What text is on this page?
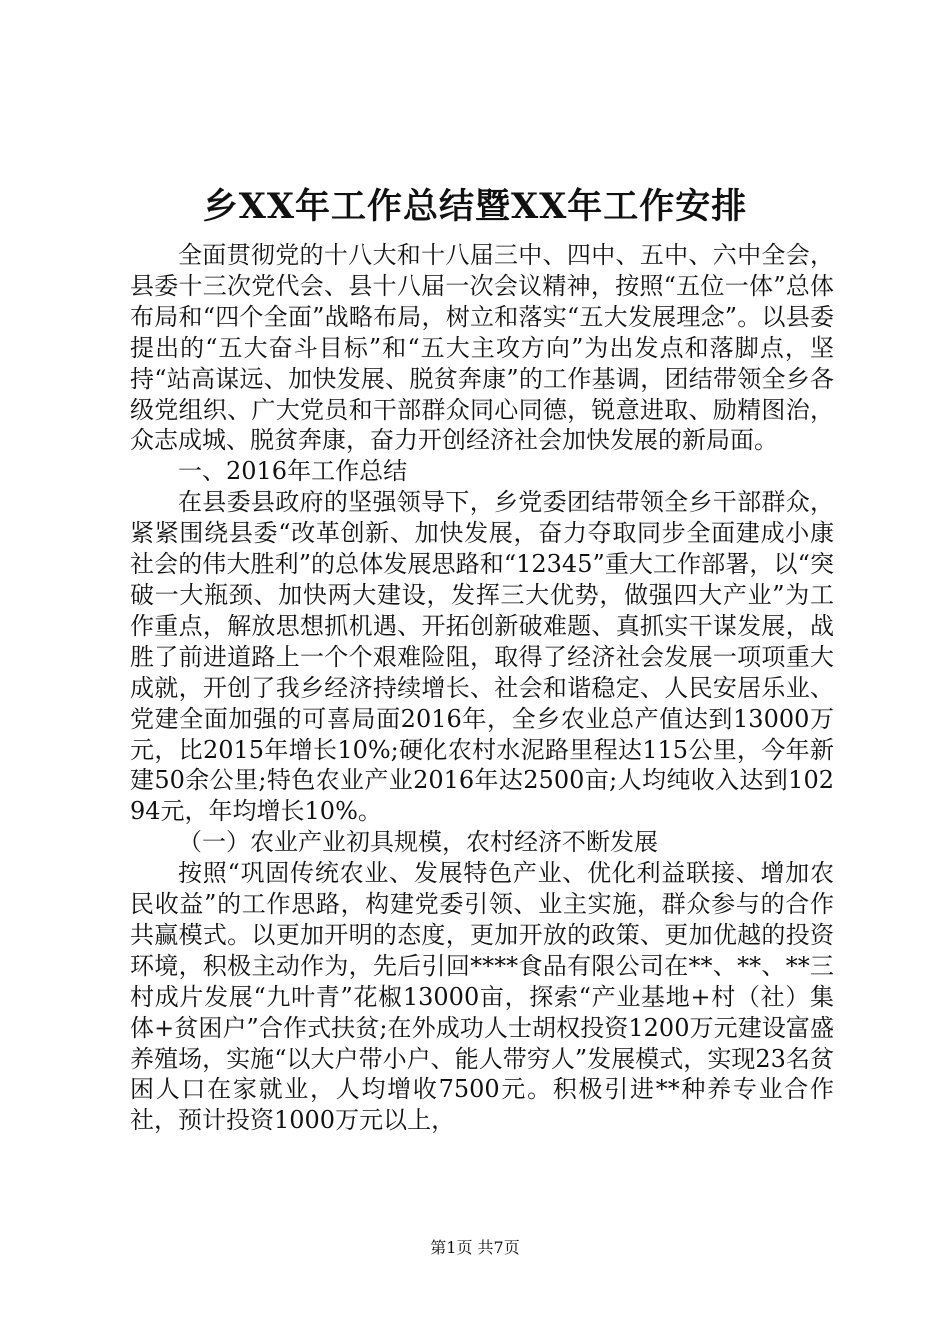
乡XX年工作总结暨XX年工作安排

全面贯彻党的十八大和十八届三中、四中、五中、六中全会，县委十三次党代会、县十八届一次会议精神，按照“五位一体”总体布局和“四个全面”战略布局，树立和落实“五大发展理念”。以县委提出的“五大奋斗目标”和“五大主攻方向”为出发点和落脚点，坚持“站高谋远、加快发展、脱贫奔康”的工作基调，团结带领全乡各级党组织、广大党员和干部群众同心同德，锐意进取、励精图治，众志成城、脱贫奔康，奋力开创经济社会加快发展的新局面。

一、2016年工作总结

在县委县政府的坚强领导下，乡党委团结带领全乡干部群众，紧紧围绕县委“改革创新、加快发展，奋力夺取同步全面建成小康社会的伟大胜利”的总体发展思路和“12345”重大工作部署，以“突破一大瓶颈、加快两大建设，发挥三大优势，做强四大产业”为工作重点，解放思想抓机遇、开拓创新破难题、真抓实干谋发展，战胜了前进道路上一个个艰难险阻，取得了经济社会发展一项项重大成就，开创了我乡经济持续增长、社会和谐稳定、人民安居乐业、党建全面加强的可喜局面2016年，全乡农业总产值达到13000万元，比2015年增长10%;硬化农村水泥路里程达115公里，今年新建50余公里;特色农业产业2016年达2500亩;人均纯收入达到10294元，年均增长10%。

（一）农业产业初具规模，农村经济不断发展

按照“巩固传统农业、发展特色产业、优化利益联接、增加农民收益”的工作思路，构建党委引领、业主实施，群众参与的合作共赢模式。以更加开明的态度，更加开放的政策、更加优越的投资环境，积极主动作为，先后引回****食品有限公司在**、**、**三村成片发展“九叶青”花椒13000亩，探索“产业基地+村（社）集体+贫困户”合作式扶贫;在外成功人士胡权投资1200万元建设富盛养殖场，实施“以大户带小户、能人带穷人”发展模式，实现23名贫困人口在家就业，人均增收7500元。积极引进**种养专业合作社，预计投资1000万元以上，

第1页 共7页
